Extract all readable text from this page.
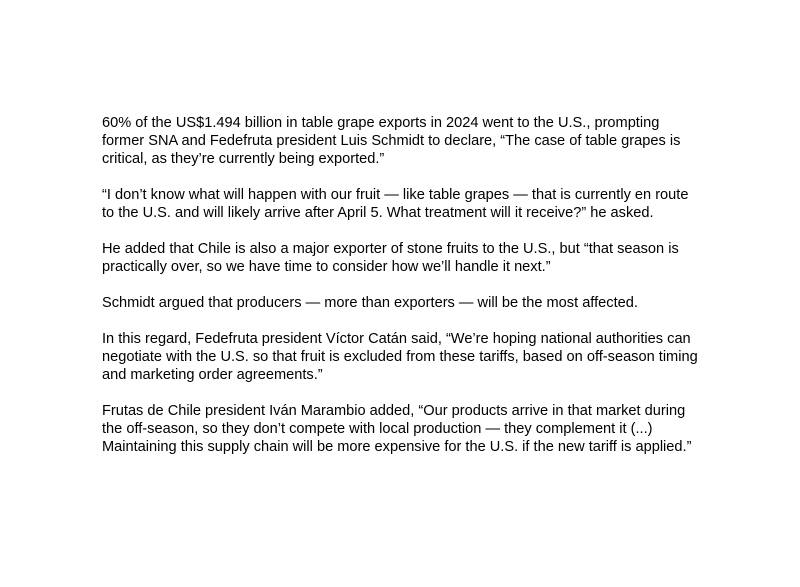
60% of the US$1.494 billion in table grape exports in 2024 went to the U.S., prompting former SNA and Fedefruta president Luis Schmidt to declare, “The case of table grapes is critical, as they’re currently being exported.”

“I don’t know what will happen with our fruit — like table grapes — that is currently en route to the U.S. and will likely arrive after April 5. What treatment will it receive?” he asked.

He added that Chile is also a major exporter of stone fruits to the U.S., but “that season is practically over, so we have time to consider how we’ll handle it next.”

Schmidt argued that producers — more than exporters — will be the most affected.

In this regard, Fedefruta president Víctor Catán said, “We’re hoping national authorities can negotiate with the U.S. so that fruit is excluded from these tariffs, based on off-season timing and marketing order agreements.”

Frutas de Chile president Iván Marambio added, “Our products arrive in that market during the off-season, so they don’t compete with local production — they complement it (...) Maintaining this supply chain will be more expensive for the U.S. if the new tariff is applied.”
